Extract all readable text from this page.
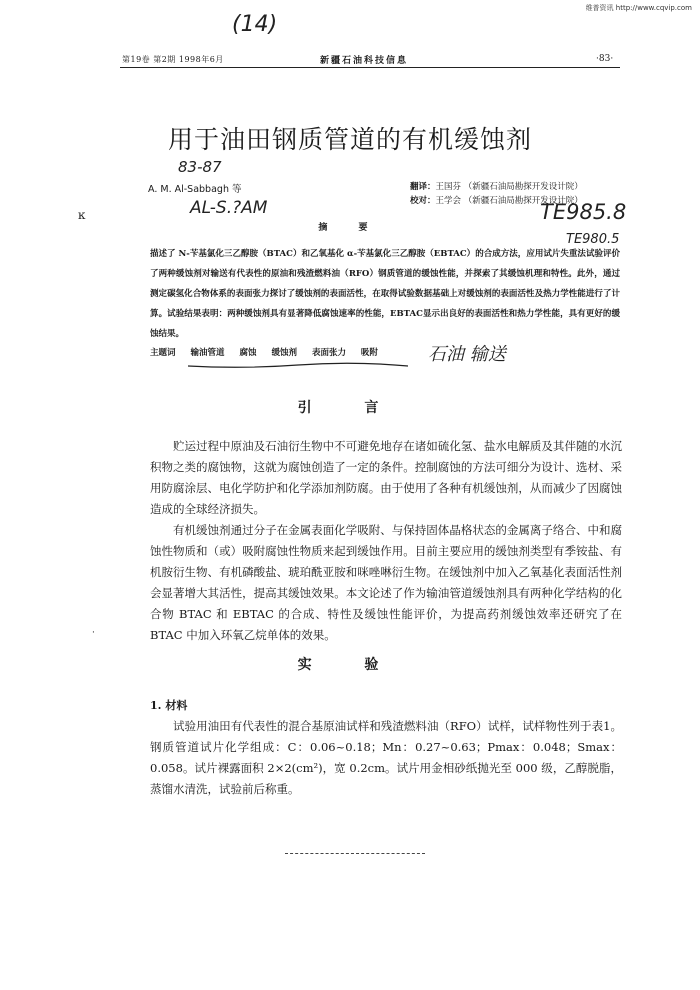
维普资讯 http://www.cqvip.com
(14)
第19卷 第2期 1998年6月	新疆石油科技信息	·83·
用于油田钢质管道的有机缓蚀剂
83-87
A. M. Al-Sabbagh 等
AL-S.?AM
ĸ
翻译：王国芬 （新疆石油局勘探开发设计院）
校对：王学会 （新疆石油局勘探开发设计院）
TE985.8
TE980.5
摘 要
描述了 N-苄基氯化三乙醇胺（BTAC）和乙氧基化 α-苄基氯化三乙醇胺（EBTAC）的合成方法，应用试片失重法试验评价了两种缓蚀剂对输送有代表性的原油和残渣燃料油（RFO）钢质管道的缓蚀性能，并探索了其缓蚀机理和特性。此外，通过测定碳氢化合物体系的表面张力探讨了缓蚀剂的表面活性，在取得试验数据基础上对缓蚀剂的表面活性及热力学性能进行了计算。试验结果表明：两种缓蚀剂具有显著降低腐蚀速率的性能，EBTAC显示出良好的表面活性和热力学性能，具有更好的缓蚀结果。
主题词 输油管道 腐蚀 缓蚀剂 表面张力 吸附	石油 输送
引 言

贮运过程中原油及石油衍生物中不可避免地存在诸如硫化氢、盐水电解质及其伴随的水沉积物之类的腐蚀物，这就为腐蚀创造了一定的条件。控制腐蚀的方法可细分为设计、选材、采用防腐涂层、电化学防护和化学添加剂防腐。由于使用了各种有机缓蚀剂，从而减少了因腐蚀造成的全球经济损失。

有机缓蚀剂通过分子在金属表面化学吸附、与保持固体晶格状态的金属离子络合、中和腐蚀性物质和（或）吸附腐蚀性物质来起到缓蚀作用。目前主要应用的缓蚀剂类型有季铵盐、有机胺衍生物、有机磷酸盐、琥珀酰亚胺和咪唑啉衍生物。在缓蚀剂中加入乙氧基化表面活性剂会显著增大其活性，提高其缓蚀效果。本文论述了作为输油管道缓蚀剂具有两种化学结构的化合物 BTAC 和 EBTAC 的合成、特性及缓蚀性能评价，为提高药剂缓蚀效率还研究了在 BTAC 中加入环氧乙烷单体的效果。

·
实 验
1. 材料

试验用油田有代表性的混合基原油试样和残渣燃料油（RFO）试样，试样物性列于表1。钢质管道试片化学组成：C：0.06~0.18；Mn：0.27~0.63；Pmax：0.048；Smax：0.058。试片裸露面积 2×2(cm²)，宽 0.2cm。试片用金相砂纸抛光至 000 级，乙醇脱脂，蒸馏水清洗，试验前后称重。
